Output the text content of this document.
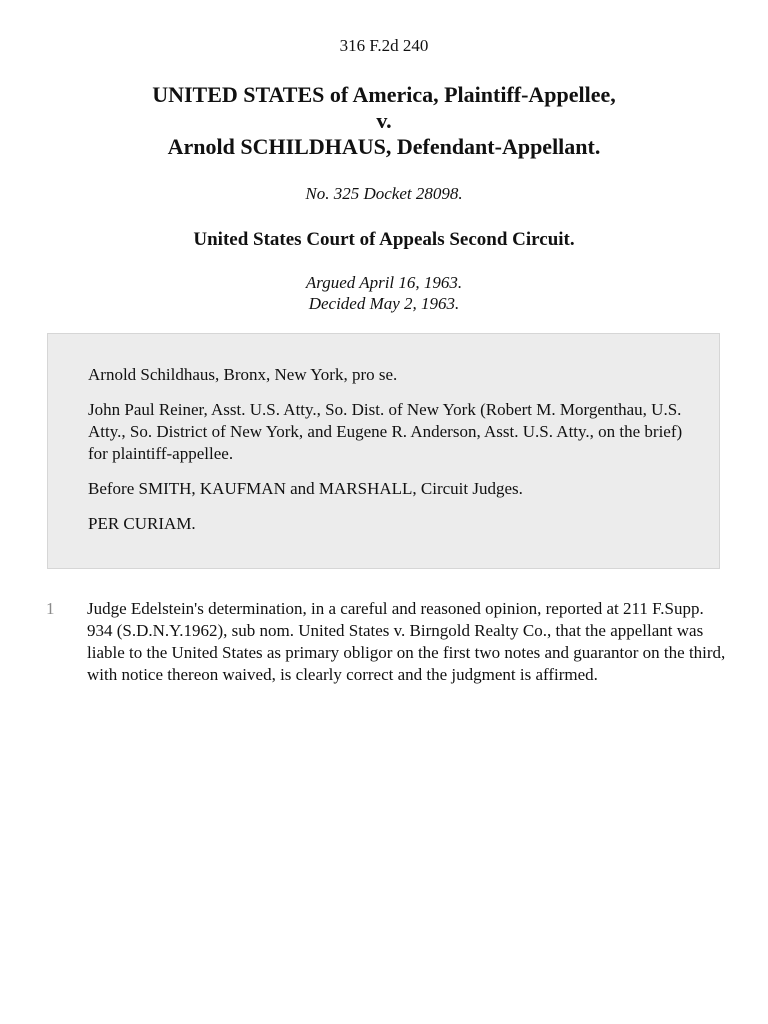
316 F.2d 240
UNITED STATES of America, Plaintiff-Appellee,
v.
Arnold SCHILDHAUS, Defendant-Appellant.
No. 325 Docket 28098.
United States Court of Appeals Second Circuit.
Argued April 16, 1963.
Decided May 2, 1963.

Arnold Schildhaus, Bronx, New York, pro se.

John Paul Reiner, Asst. U.S. Atty., So. Dist. of New York (Robert M. Morgenthau, U.S. Atty., So. District of New York, and Eugene R. Anderson, Asst. U.S. Atty., on the brief) for plaintiff-appellee.

Before SMITH, KAUFMAN and MARSHALL, Circuit Judges.

PER CURIAM.

1 Judge Edelstein's determination, in a careful and reasoned opinion, reported at 211 F.Supp. 934 (S.D.N.Y.1962), sub nom. United States v. Birngold Realty Co., that the appellant was liable to the United States as primary obligor on the first two notes and guarantor on the third, with notice thereon waived, is clearly correct and the judgment is affirmed.
